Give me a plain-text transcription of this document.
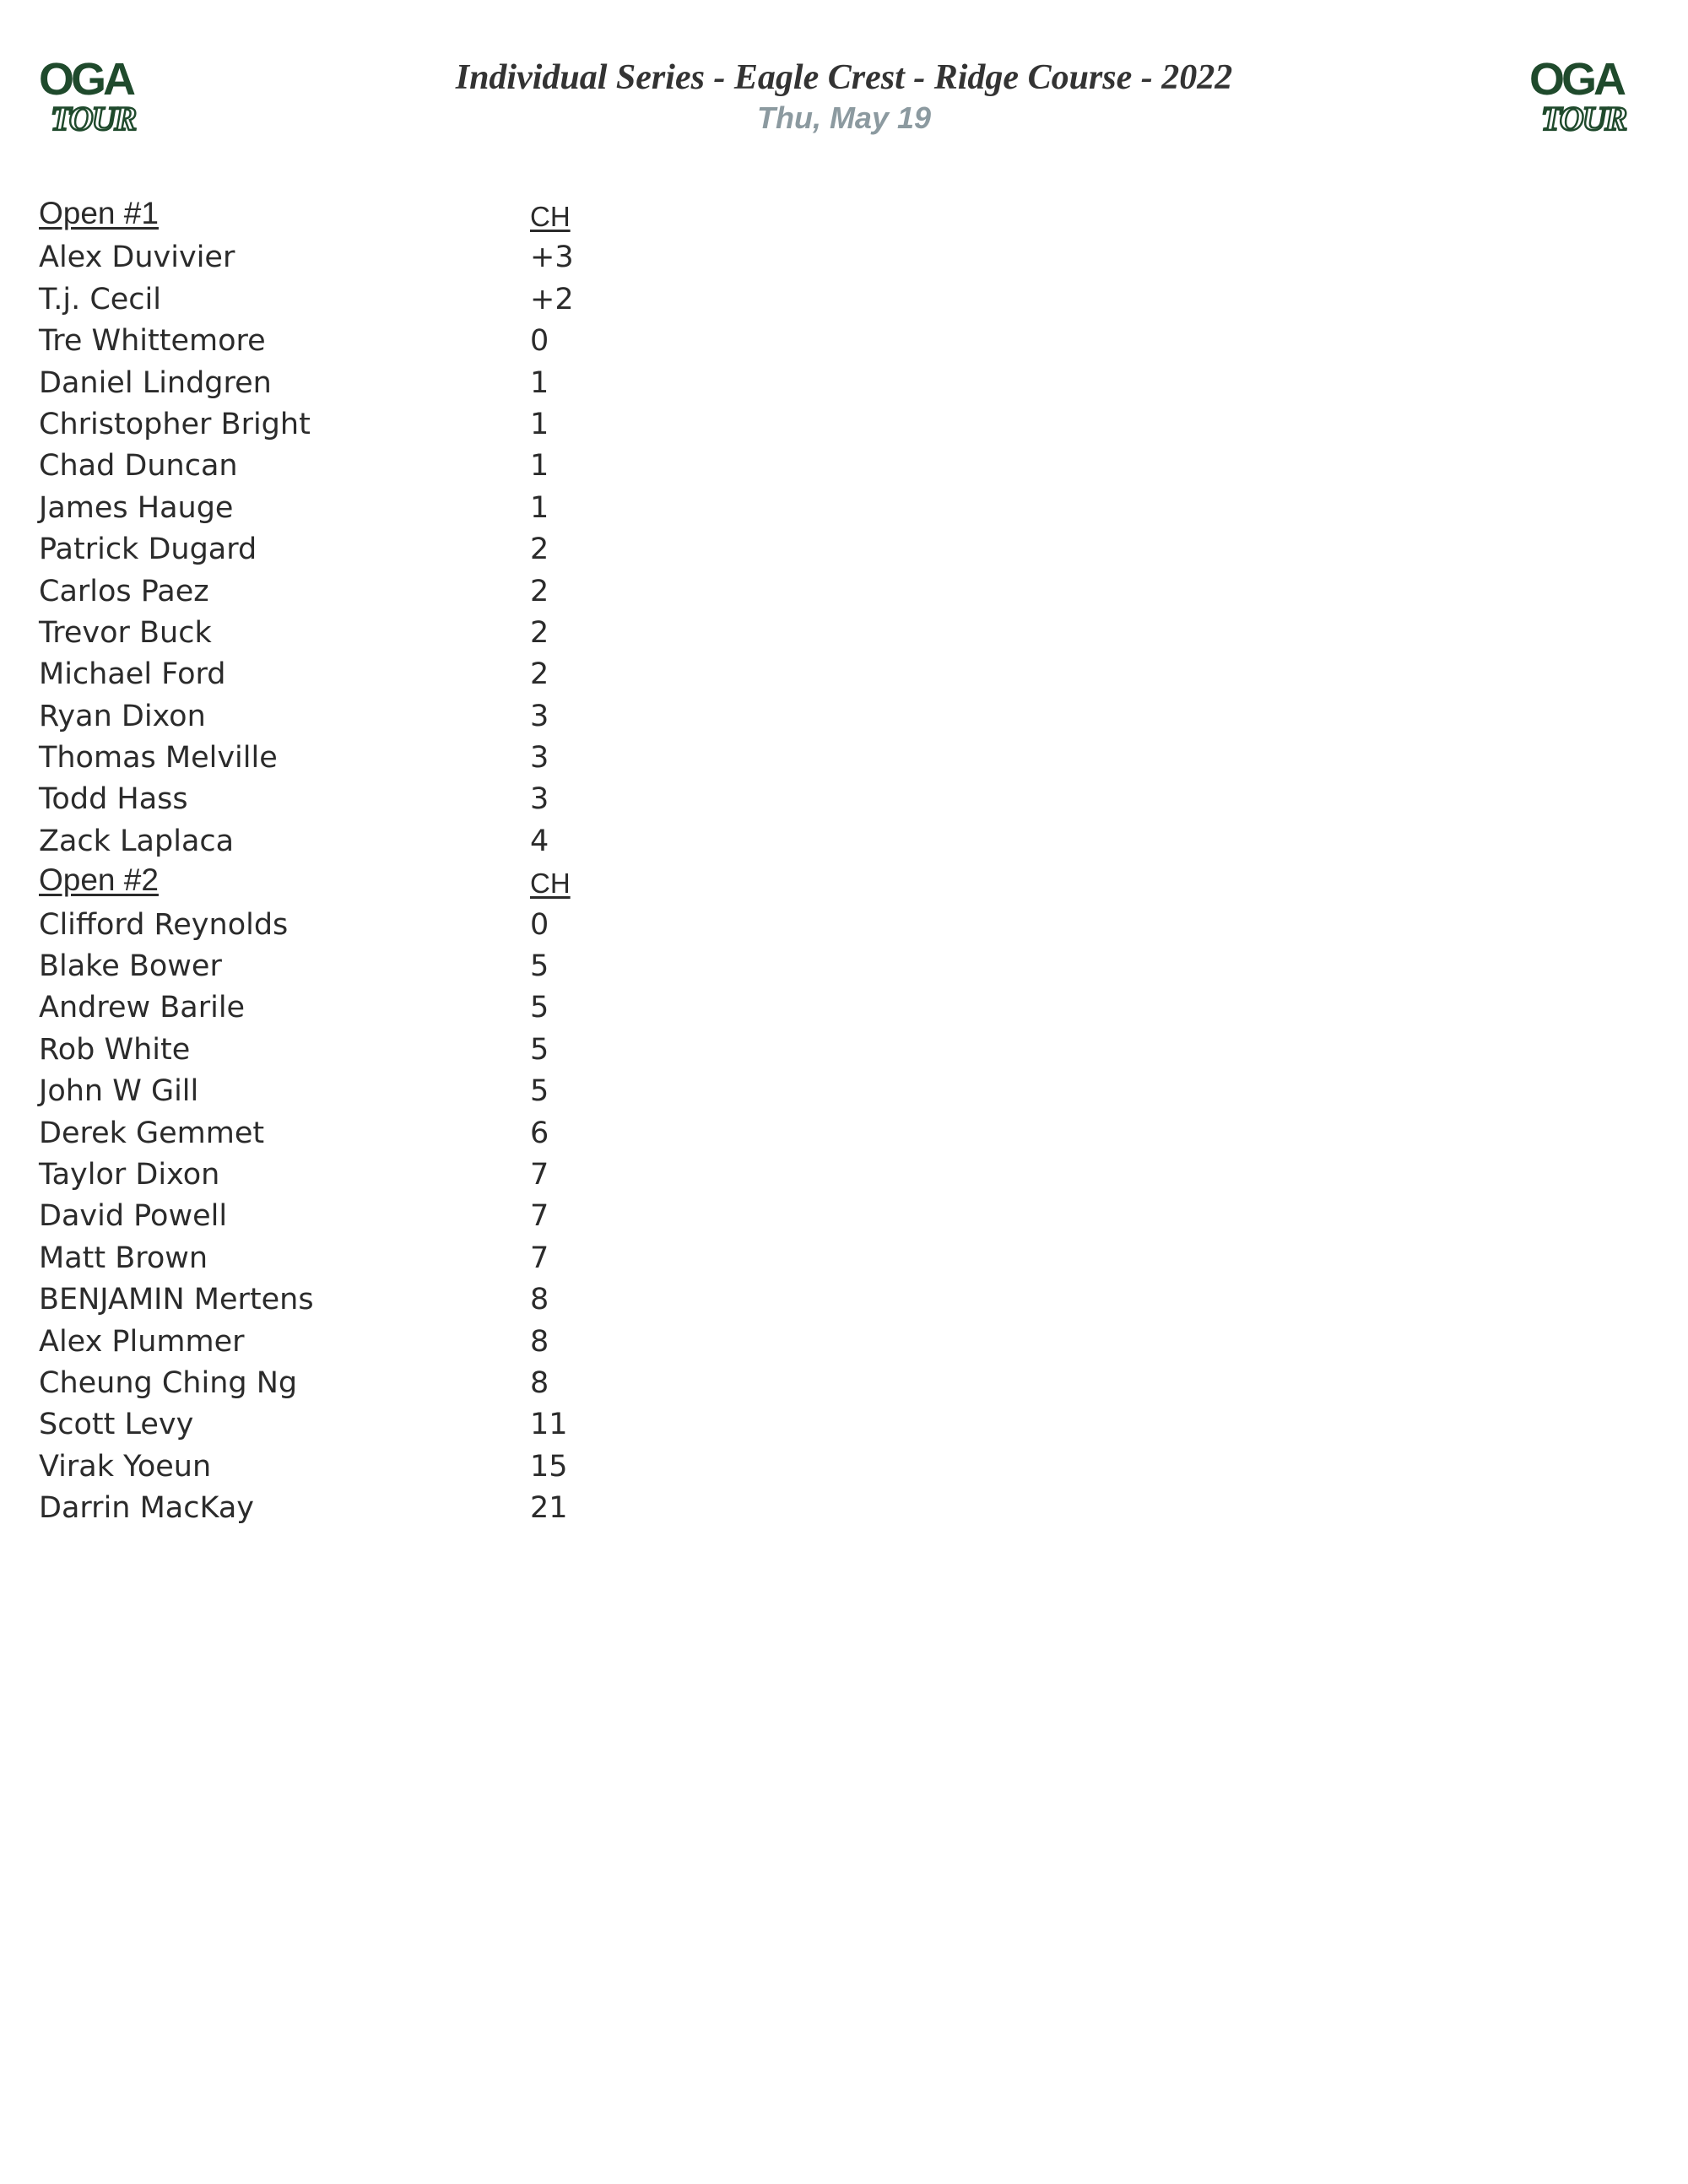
OGA
TOUR
Individual Series - Eagle Crest - Ridge Course - 2022
Thu, May 19
OGA
TOUR
Open #1	CH
Alex Duvivier	+3
T.j. Cecil	+2
Tre Whittemore	0
Daniel Lindgren	1
Christopher Bright	1
Chad Duncan	1
James Hauge	1
Patrick Dugard	2
Carlos Paez	2
Trevor Buck	2
Michael Ford	2
Ryan Dixon	3
Thomas Melville	3
Todd Hass	3
Zack Laplaca	4
Open #2	CH
Clifford Reynolds	0
Blake Bower	5
Andrew Barile	5
Rob White	5
John W Gill	5
Derek Gemmet	6
Taylor Dixon	7
David Powell	7
Matt Brown	7
BENJAMIN Mertens	8
Alex Plummer	8
Cheung Ching Ng	8
Scott Levy	11
Virak Yoeun	15
Darrin MacKay	21
